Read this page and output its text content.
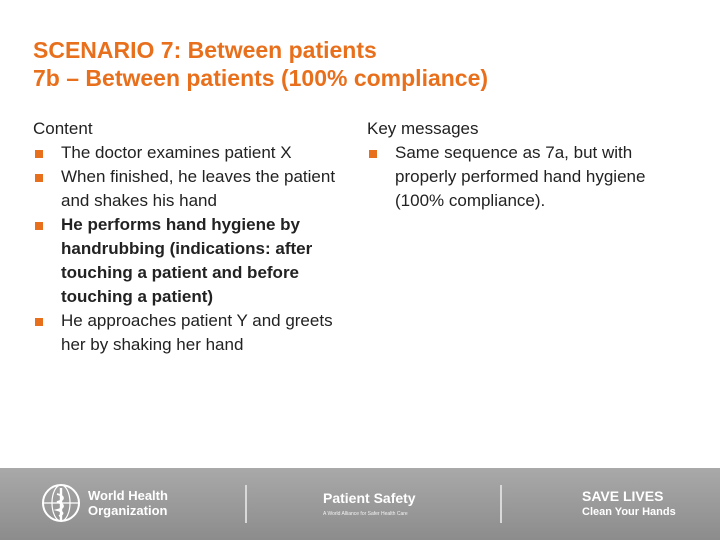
SCENARIO 7: Between patients
7b – Between patients (100% compliance)

Content

The doctor examines patient X
When finished, he leaves the patient and shakes his hand
He performs hand hygiene by handrubbing (indications: after touching a patient and before touching a patient)
He approaches patient Y and greets her by shaking her hand

Key messages

Same sequence as 7a, but with properly performed hand hygiene (100% compliance).
World Health
Organization
Patient Safety
A World Alliance for Safer Health Care
SAVE LIVES
Clean Your Hands
